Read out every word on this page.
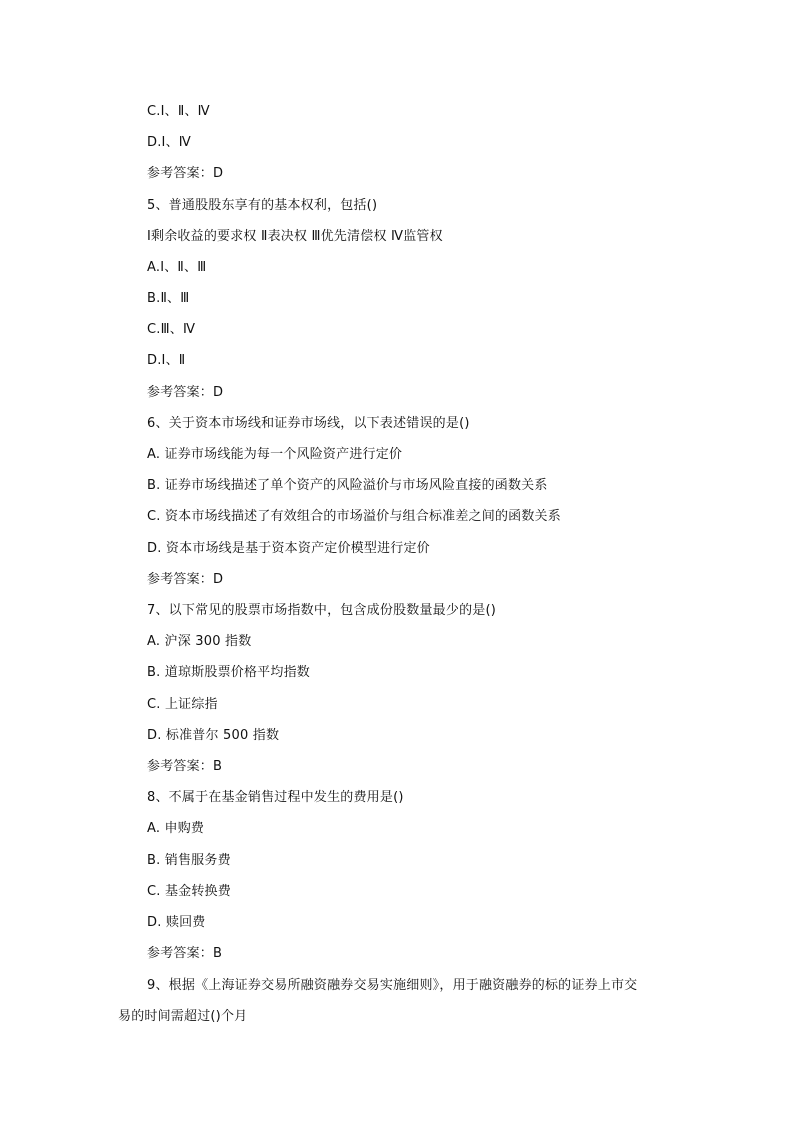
C.Ⅰ、Ⅱ、Ⅳ
D.Ⅰ、Ⅳ
参考答案：D
5、普通股股东享有的基本权利，包括()
Ⅰ剩余收益的要求权 Ⅱ表决权 Ⅲ优先清偿权 Ⅳ监管权
A.Ⅰ、Ⅱ、Ⅲ
B.Ⅱ、Ⅲ
C.Ⅲ、Ⅳ
D.Ⅰ、Ⅱ
参考答案：D
6、关于资本市场线和证券市场线，以下表述错误的是()
A. 证券市场线能为每一个风险资产进行定价
B. 证券市场线描述了单个资产的风险溢价与市场风险直接的函数关系
C. 资本市场线描述了有效组合的市场溢价与组合标准差之间的函数关系
D. 资本市场线是基于资本资产定价模型进行定价
参考答案：D
7、以下常见的股票市场指数中，包含成份股数量最少的是()
A. 沪深 300 指数
B. 道琼斯股票价格平均指数
C. 上证综指
D. 标准普尔 500 指数
参考答案：B
8、不属于在基金销售过程中发生的费用是()
A. 申购费
B. 销售服务费
C. 基金转换费
D. 赎回费
参考答案：B
9、根据《上海证券交易所融资融券交易实施细则》，用于融资融券的标的证券上市交
易的时间需超过()个月
